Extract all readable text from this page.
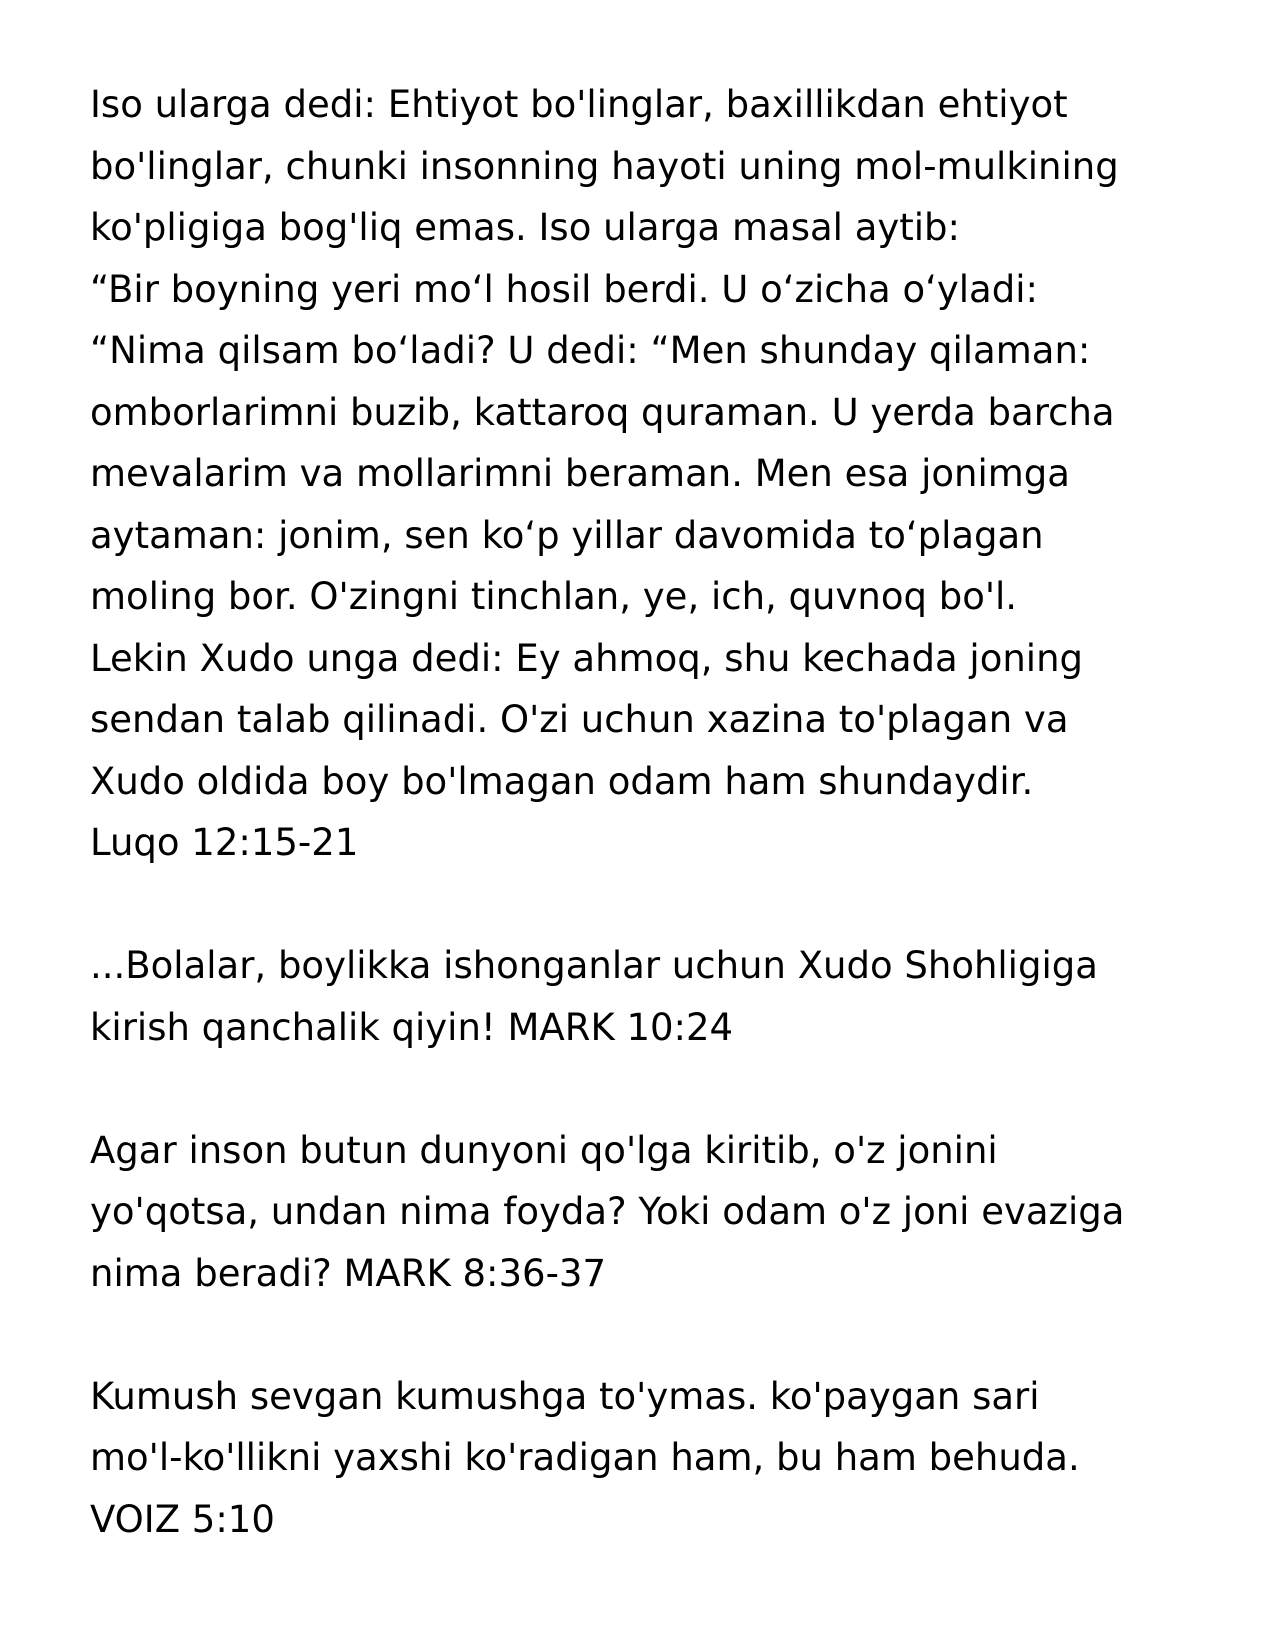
Iso ularga dedi: Ehtiyot bo'linglar, baxillikdan ehtiyot
bo'linglar, chunki insonning hayoti uning mol-mulkining
ko'pligiga bog'liq emas. Iso ularga masal aytib:
“Bir boyning yeri mo‘l hosil berdi. U o‘zicha o‘yladi:
“Nima qilsam bo‘ladi? U dedi: “Men shunday qilaman:
omborlarimni buzib, kattaroq quraman. U yerda barcha
mevalarim va mollarimni beraman. Men esa jonimga
aytaman: jonim, sen ko‘p yillar davomida to‘plagan
moling bor. O'zingni tinchlan, ye, ich, quvnoq bo'l.
Lekin Xudo unga dedi: Ey ahmoq, shu kechada joning
sendan talab qilinadi. O'zi uchun xazina to'plagan va
Xudo oldida boy bo'lmagan odam ham shundaydir.
Luqo 12:15-21
...Bolalar, boylikka ishonganlar uchun Xudo Shohligiga
kirish qanchalik qiyin! MARK 10:24
Agar inson butun dunyoni qo'lga kiritib, o'z jonini
yo'qotsa, undan nima foyda? Yoki odam o'z joni evaziga
nima beradi? MARK 8:36-37
Kumush sevgan kumushga to'ymas. ko'paygan sari
mo'l-ko'llikni yaxshi ko'radigan ham, bu ham behuda.
VOIZ 5:10
